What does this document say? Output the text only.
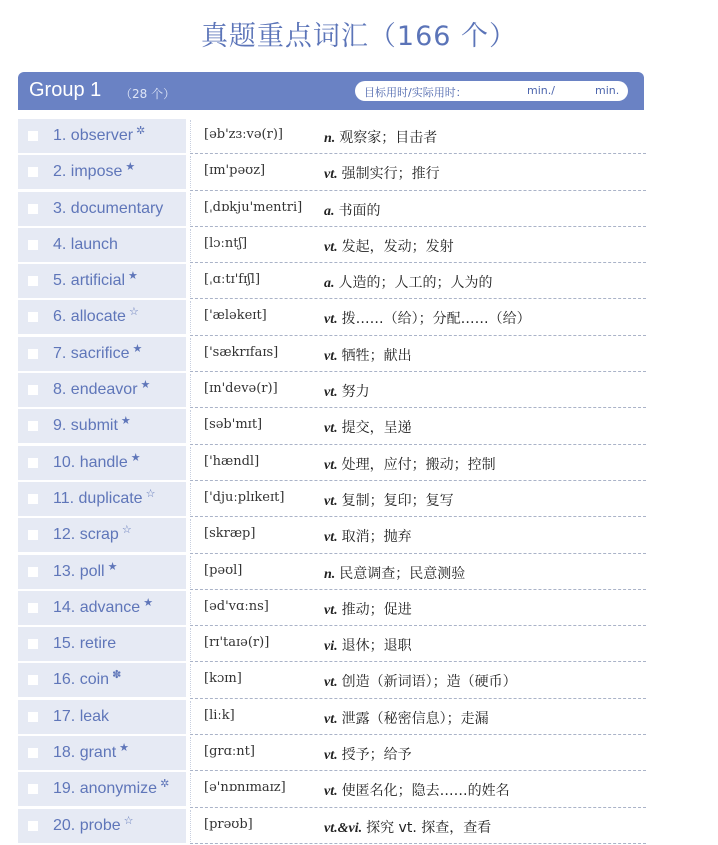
真题重点词汇（166 个）
Group 1 （28 个）	目标用时/实际用时：	min./	min.
1. observer ✲	[əb'zɜːvə(r)]	n. 观察家；目击者
2. impose ★	[ɪm'pəʊz]	vt. 强制实行；推行
3. documentary	[ˌdɒkju'mentri] a. 书面的
4. launch	[lɔːntʃ]	vt. 发起，发动；发射
5. artificial ★	[ˌɑːtɪ'fɪʃl]	a. 人造的；人工的；人为的
6. allocate ☆	['æləkeɪt]	vt. 拨……（给）；分配……（给）
7. sacrifice ★	['sækrɪfaɪs]	vt. 牺牲；献出
8. endeavor ★	[ɪn'devə(r)]	vt. 努力
9. submit ★	[səb'mɪt]	vt. 提交，呈递
10. handle ★	['hændl]	vt. 处理，应付；搬动；控制
11. duplicate ☆	['djuːplɪkeɪt]	vt. 复制；复印；复写
12. scrap ☆	[skræp]	vt. 取消；抛弃
13. poll ★	[pəʊl]	n. 民意调查；民意测验
14. advance ★	[əd'vɑːns]	vt. 推动；促进
15. retire	[rɪ'taɪə(r)]	vi. 退休；退职
16. coin ✽	[kɔɪn]	vt. 创造（新词语）；造（硬币）
17. leak	[liːk]	vt. 泄露（秘密信息）；走漏
18. grant ★	[grɑːnt]	vt. 授予；给予
19. anonymize ✲	[ə'nɒnɪmaɪz]	vt. 使匿名化；隐去……的姓名
20. probe ☆	[prəʊb]	vt.&vi. 探究 vt. 探查，查看
